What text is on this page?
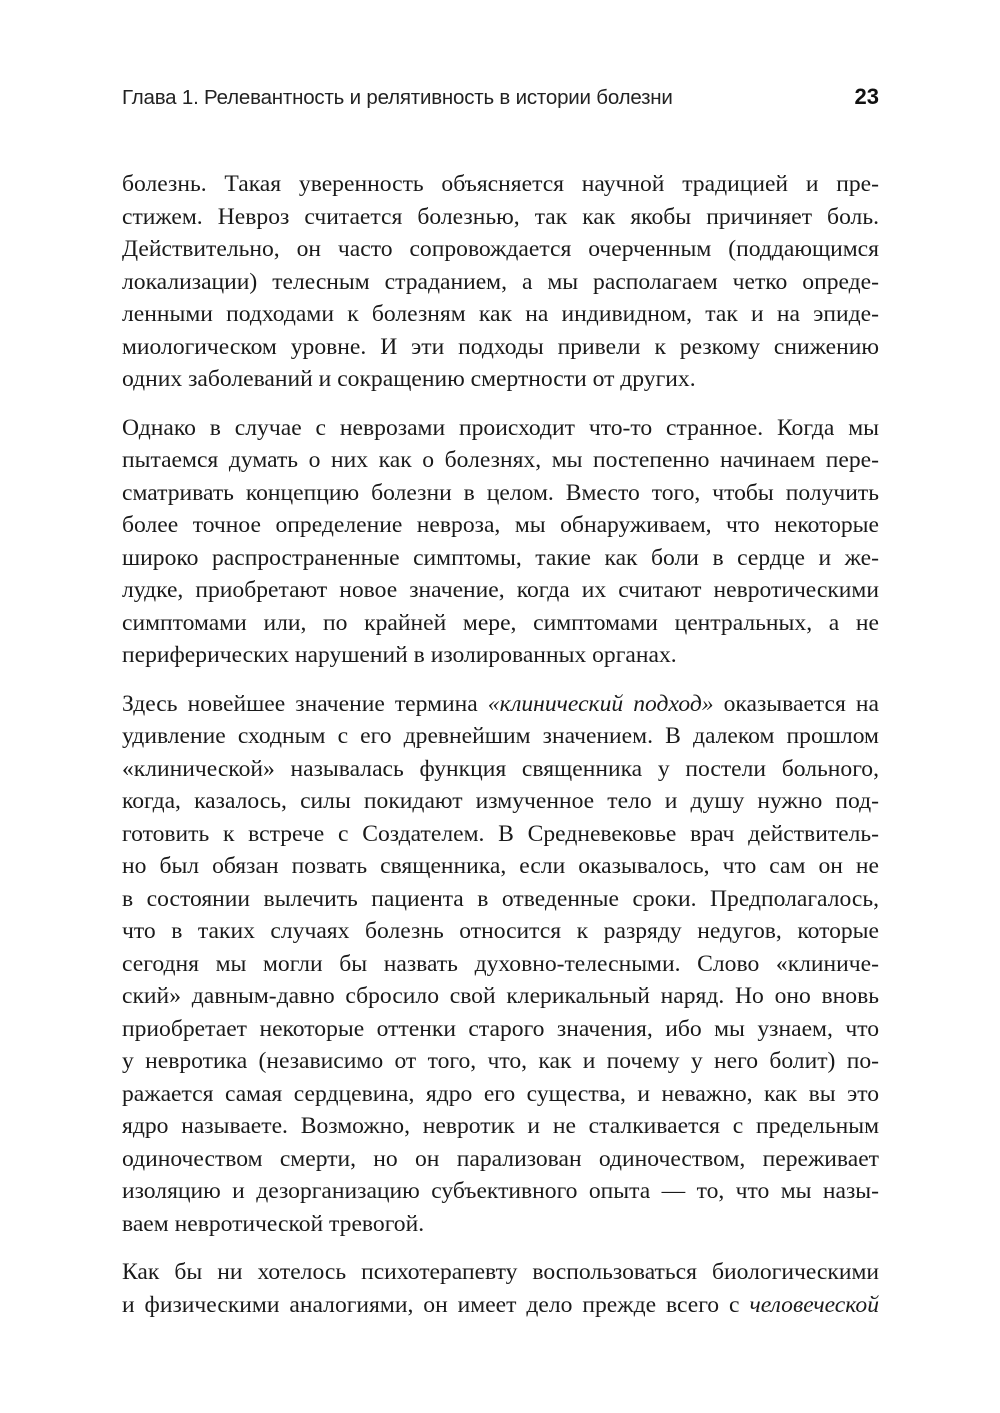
Глава 1. Релевантность и релятивность в истории болезни	23

болезнь. Такая уверенность объясняется научной традицией и пре-
стижем. Невроз считается болезнью, так как якобы причиняет боль.
Действительно, он часто сопровождается очерченным (поддающимся
локализации) телесным страданием, а мы располагаем четко опреде-
ленными подходами к болезням как на индивидном, так и на эпиде-
миологическом уровне. И эти подходы привели к резкому снижению
одних заболеваний и сокращению смертности от других.

Однако в случае с неврозами происходит что-то странное. Когда мы
пытаемся думать о них как о болезнях, мы постепенно начинаем пере-
сматривать концепцию болезни в целом. Вместо того, чтобы получить
более точное определение невроза, мы обнаруживаем, что некоторые
широко распространенные симптомы, такие как боли в сердце и же-
лудке, приобретают новое значение, когда их считают невротическими
симптомами или, по крайней мере, симптомами центральных, а не
периферических нарушений в изолированных органах.

Здесь новейшее значение термина «клинический подход» оказывается на
удивление сходным с его древнейшим значением. В далеком прошлом
«клинической» называлась функция священника у постели больного,
когда, казалось, силы покидают измученное тело и душу нужно под-
готовить к встрече с Создателем. В Средневековье врач действитель-
но был обязан позвать священника, если оказывалось, что сам он не
в состоянии вылечить пациента в отведенные сроки. Предполагалось,
что в таких случаях болезнь относится к разряду недугов, которые
сегодня мы могли бы назвать духовно-телесными. Слово «клиниче-
ский» давным-давно сбросило свой клерикальный наряд. Но оно вновь
приобретает некоторые оттенки старого значения, ибо мы узнаем, что
у невротика (независимо от того, что, как и почему у него болит) по-
ражается самая сердцевина, ядро его существа, и неважно, как вы это
ядро называете. Возможно, невротик и не сталкивается с предельным
одиночеством смерти, но он парализован одиночеством, переживает
изоляцию и дезорганизацию субъективного опыта — то, что мы назы-
ваем невротической тревогой.

Как бы ни хотелось психотерапевту воспользоваться биологическими
и физическими аналогиями, он имеет дело прежде всего с человеческой
